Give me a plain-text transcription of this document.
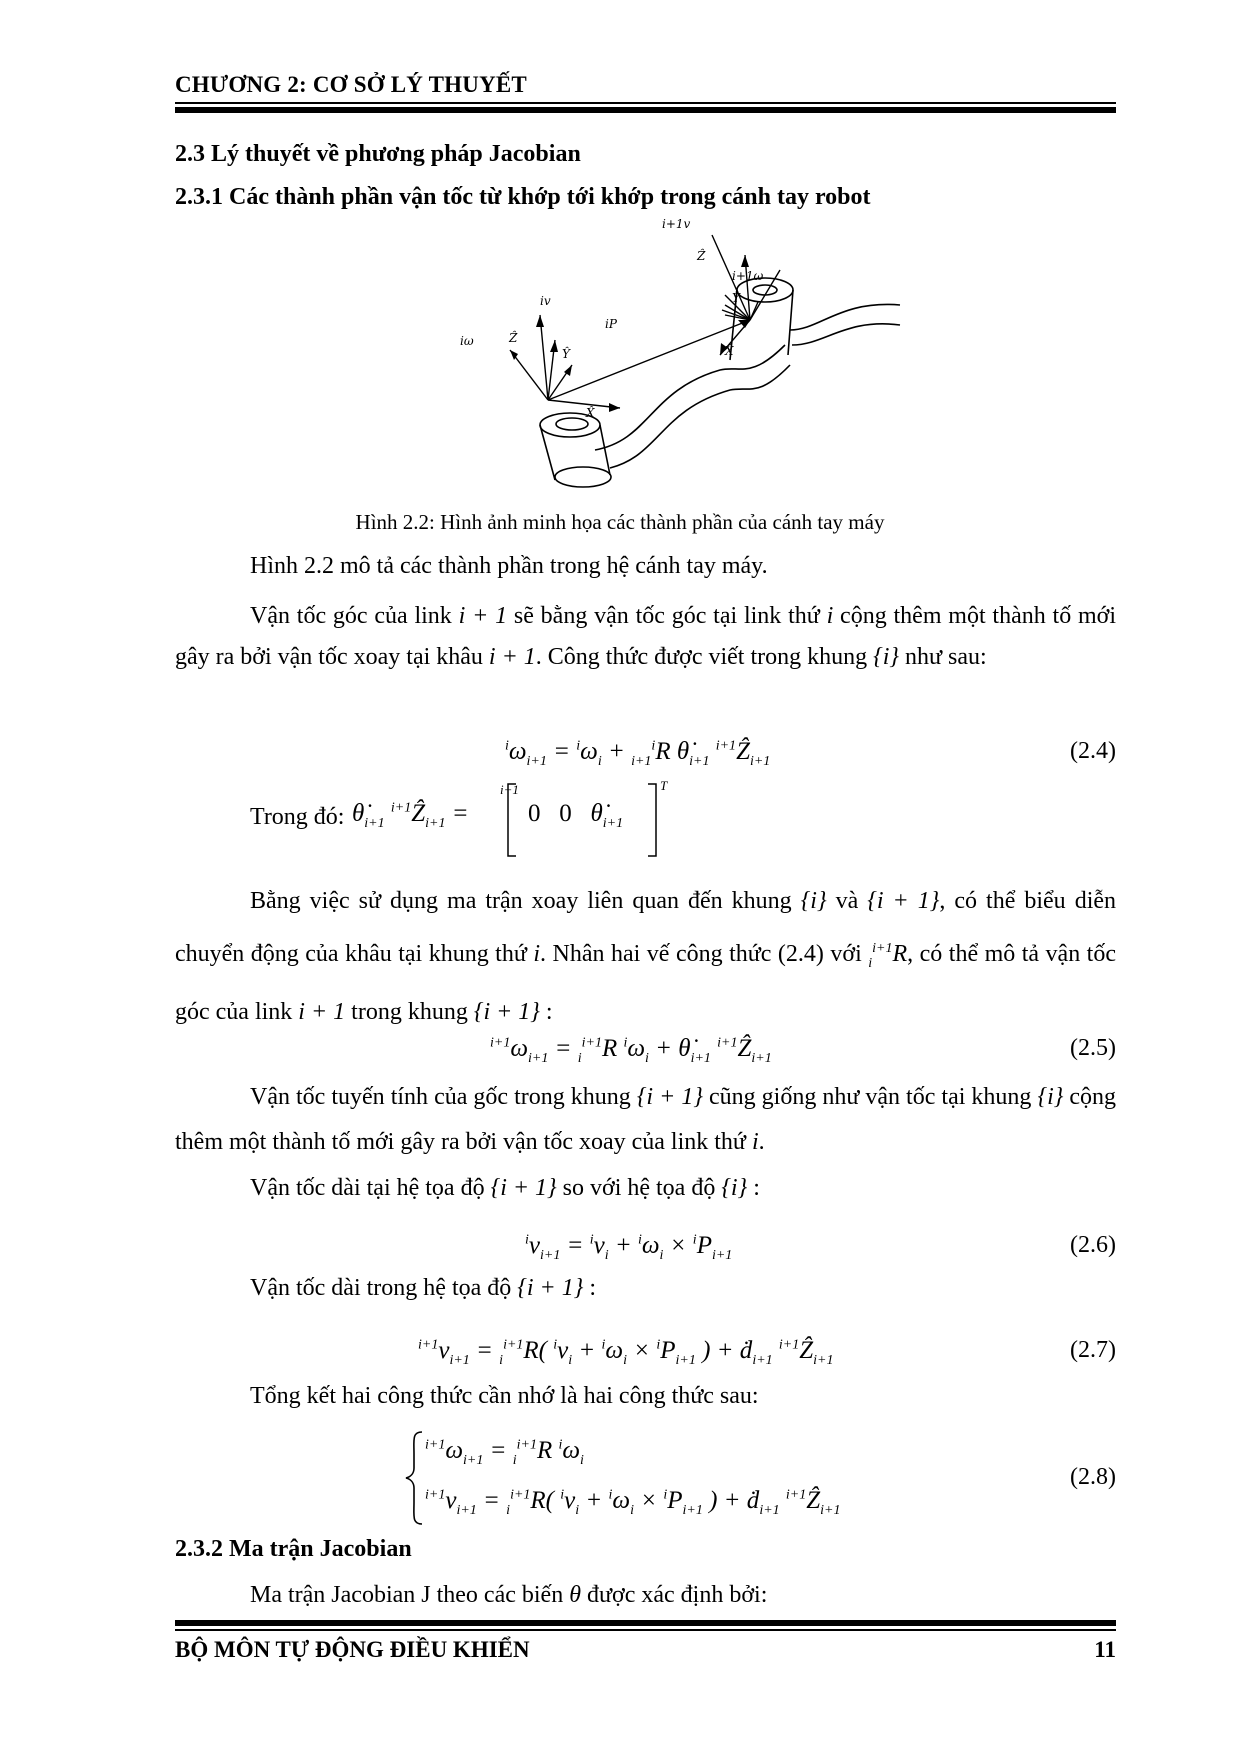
CHƯƠNG 2: CƠ SỞ LÝ THUYẾT
2.3 Lý thuyết về phương pháp Jacobian
2.3.1 Các thành phần vận tốc từ khớp tới khớp trong cánh tay robot
i+1v
Ẑ
i+1ω
Ŷ
X̂
iP
iω
iv
Ẑ
Ŷ
X̂
Hình 2.2: Hình ảnh minh họa các thành phần của cánh tay máy
Hình 2.2 mô tả các thành phần trong hệ cánh tay máy.
Vận tốc góc của link i + 1 sẽ bằng vận tốc góc tại link thứ i cộng thêm một thành tố mới gây ra bởi vận tốc xoay tại khâu i + 1. Công thức được viết trong khung {i} như sau:
$^i\omega_{i+1} = ^i\omega_i + _{i+1}^iR$ $\thetȧ_{i+1}$ $^{i+1}$Ẑ$_{i+1}$	(2.4)
Trong đó: $\thetȧ_{i+1}$ $^{i+1}$Ẑ$_{i+1}$ =
i+1	T
0   0   $\thetȧ_{i+1}$
Bằng việc sử dụng ma trận xoay liên quan đến khung {i} và {i + 1}, có thể biểu diễn chuyển động của khâu tại khung thứ i. Nhân hai vế công thức (2.4) với $_i^{i+1}$R, có thể mô tả vận tốc góc của link i + 1 trong khung {i + 1} :
$^{i+1}\omega_{i+1} = _i^{i+1}R$ $^i\omega_i$ + $\thetȧ_{i+1}$ $^{i+1}$Ẑ$_{i+1}$	(2.5)
Vận tốc tuyến tính của gốc trong khung {i + 1} cũng giống như vận tốc tại khung {i} cộng thêm một thành tố mới gây ra bởi vận tốc xoay của link thứ i.
Vận tốc dài tại hệ tọa độ {i + 1} so với hệ tọa độ {i} :
$^iv_{i+1} = ^iv_i + ^i\omega_i \times ^iP_{i+1}$	(2.6)
Vận tốc dài trong hệ tọa độ {i + 1} :
$^{i+1}v_{i+1} = _i^{i+1}R$( $^iv_i + ^i\omega_i \times ^iP_{i+1}$ ) + ḋ$_{i+1}$ $^{i+1}$Ẑ$_{i+1}$	(2.7)
Tổng kết hai công thức cần nhớ là hai công thức sau:
$^{i+1}\omega_{i+1} = _i^{i+1}R$ $^i\omega_i$
$^{i+1}v_{i+1} = _i^{i+1}R$( $^iv_i + ^i\omega_i \times ^iP_{i+1}$ ) + ḋ$_{i+1}$ $^{i+1}$Ẑ$_{i+1}$
(2.8)
2.3.2 Ma trận Jacobian
Ma trận Jacobian J theo các biến θ được xác định bởi:
BỘ MÔN TỰ ĐỘNG ĐIỀU KHIỂN	11
